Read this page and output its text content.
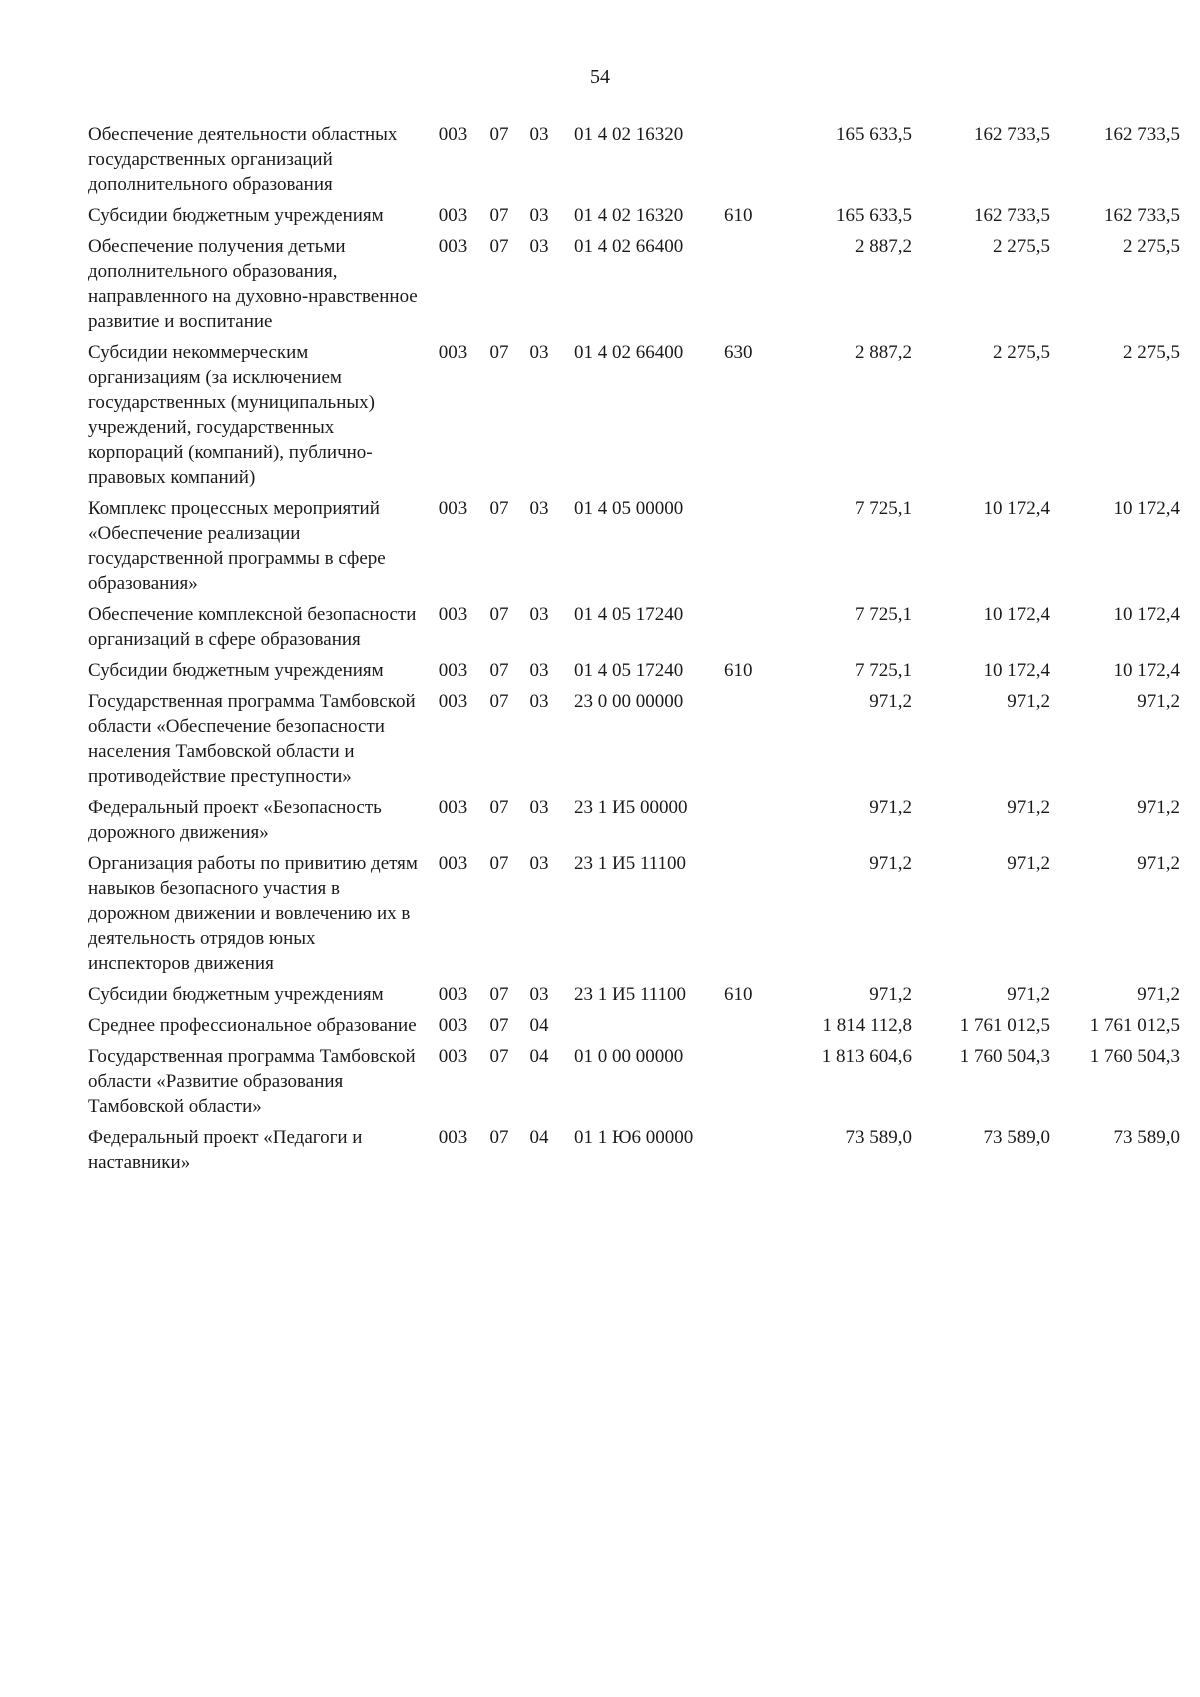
54
Обеспечение деятельности областных государственных организаций дополнительного образования	003	07	03	01 4 02 16320		165 633,5	162 733,5	162 733,5
Субсидии бюджетным учреждениям	003	07	03	01 4 02 16320	610	165 633,5	162 733,5	162 733,5
Обеспечение получения детьми дополнительного образования, направленного на духовно-нравственное развитие и воспитание	003	07	03	01 4 02 66400		2 887,2	2 275,5	2 275,5
Субсидии некоммерческим организациям (за исключением государственных (муниципальных) учреждений, государственных корпораций (компаний), публично-правовых компаний)	003	07	03	01 4 02 66400	630	2 887,2	2 275,5	2 275,5
Комплекс процессных мероприятий «Обеспечение реализации государственной программы в сфере образования»	003	07	03	01 4 05 00000		7 725,1	10 172,4	10 172,4
Обеспечение комплексной безопасности организаций в сфере образования	003	07	03	01 4 05 17240		7 725,1	10 172,4	10 172,4
Субсидии бюджетным учреждениям	003	07	03	01 4 05 17240	610	7 725,1	10 172,4	10 172,4
Государственная программа Тамбовской области «Обеспечение безопасности населения Тамбовской области и противодействие преступности»	003	07	03	23 0 00 00000		971,2	971,2	971,2
Федеральный проект «Безопасность дорожного движения»	003	07	03	23 1 И5 00000		971,2	971,2	971,2
Организация работы по привитию детям навыков безопасного участия в дорожном движении и вовлечению их в деятельность отрядов юных инспекторов движения	003	07	03	23 1 И5 11100		971,2	971,2	971,2
Субсидии бюджетным учреждениям	003	07	03	23 1 И5 11100	610	971,2	971,2	971,2
Среднее профессиональное образование	003	07	04			1 814 112,8	1 761 012,5	1 761 012,5
Государственная программа Тамбовской области «Развитие образования Тамбовской области»	003	07	04	01 0 00 00000		1 813 604,6	1 760 504,3	1 760 504,3
Федеральный проект «Педагоги и наставники»	003	07	04	01 1 Ю6 00000		73 589,0	73 589,0	73 589,0
